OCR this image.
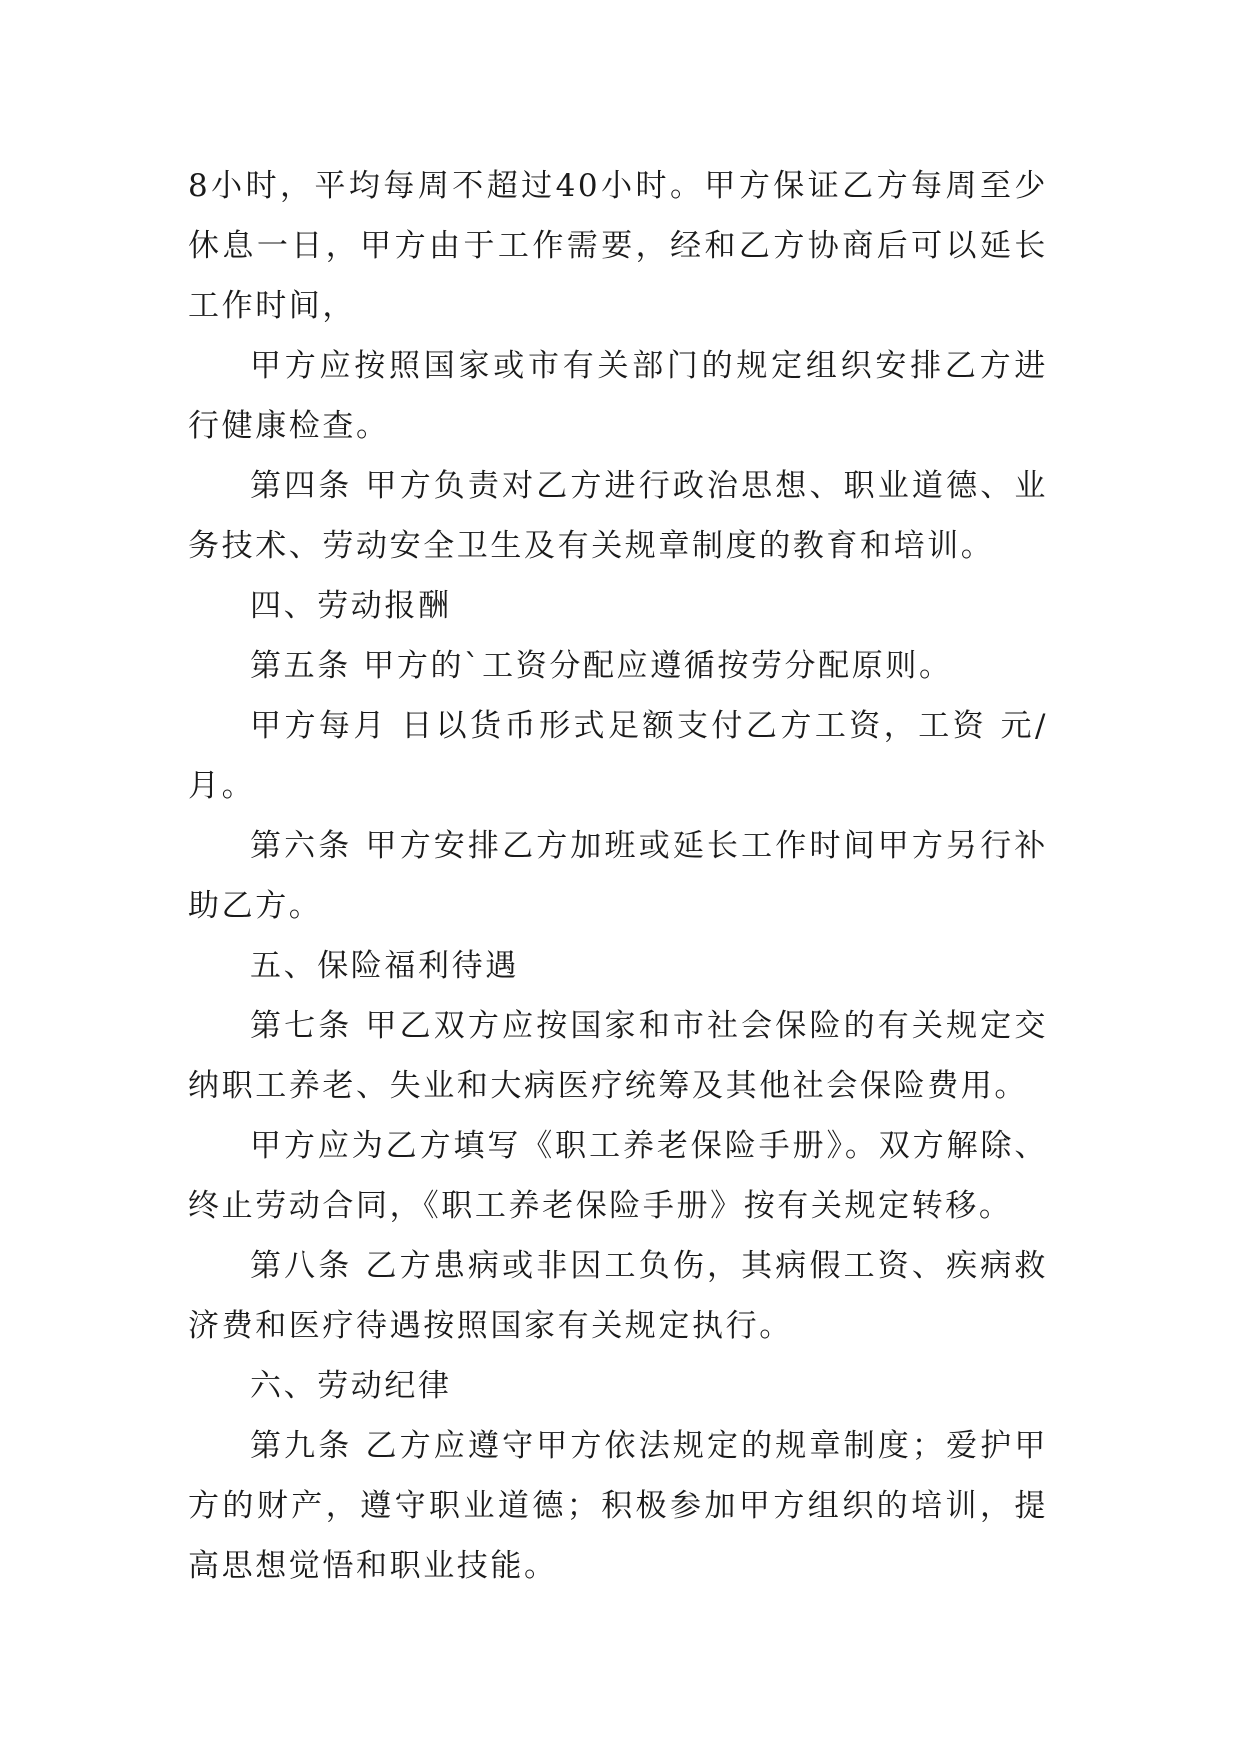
8小时，平均每周不超过40小时。甲方保证乙方每周至少休息一日，甲方由于工作需要，经和乙方协商后可以延长工作时间，

甲方应按照国家或市有关部门的规定组织安排乙方进行健康检查。

第四条 甲方负责对乙方进行政治思想、职业道德、业务技术、劳动安全卫生及有关规章制度的教育和培训。

四、劳动报酬

第五条 甲方的`工资分配应遵循按劳分配原则。

甲方每月 日以货币形式足额支付乙方工资，工资 元/月。

第六条 甲方安排乙方加班或延长工作时间甲方另行补助乙方。

五、保险福利待遇

第七条 甲乙双方应按国家和市社会保险的有关规定交纳职工养老、失业和大病医疗统筹及其他社会保险费用。

甲方应为乙方填写《职工养老保险手册》。双方解除、终止劳动合同，《职工养老保险手册》按有关规定转移。

第八条 乙方患病或非因工负伤，其病假工资、疾病救济费和医疗待遇按照国家有关规定执行。

六、劳动纪律

第九条 乙方应遵守甲方依法规定的规章制度；爱护甲方的财产，遵守职业道德；积极参加甲方组织的培训，提高思想觉悟和职业技能。
